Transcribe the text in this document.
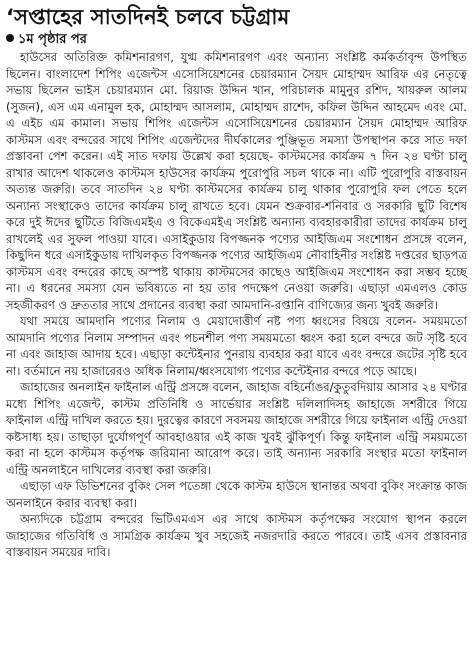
‘সপ্তাহের সাতদিনই চলবে চট্টগ্রাম
১ম পৃষ্ঠার পর

হাউসের অতিরিক্ত কমিশনারগণ, যুগ্ম কমিশনারগণ এবং অন্যান্য সংশ্লিষ্ট কর্মকর্তাবৃন্দ উপস্থিত ছিলেন। বাংলাদেশ শিপিং এজেন্টস এসোসিয়েশনের চেয়ারম্যান সৈয়দ মোহাম্মদ আরিফ এর নেতৃত্বে সভায় ছিলেন ভাইস চেয়ারম্যান মো. রিয়াজ উদ্দিন খান, পরিচালক মামুনুর রশিদ, খায়রুল আলম (সুজন), এস এম এনামুল হক, মোহাম্মদ আসলাম, মোহাম্মদ রাশেদ, কফিল উদ্দিন আহমেদ এবং মো. এ এইচ এম কামাল। সভায় শিপিং এজেন্টস এসোসিয়েশনের চেয়ারম্যান সৈয়দ মোহাম্মদ আরিফ কাস্টমস এবং বন্দরের সাথে শিপিং এজেন্টদের দীর্ঘকালের পুঞ্জিভূত সমস্যা উপস্থাপন করে সাত দফা প্রস্তাবনা পেশ করেন। এই সাত দফায় উল্লেখ করা হয়েছে- কাস্টমসের কার্যক্রম ৭ দিন ২৪ ঘণ্টা চালু রাখার আদেশ থাকলেও কাস্টমস হাউসের কার্যক্রম পুরোপুরি সচল থাকে না। এটি পুরোপুরি বাস্তবায়ন অত্যন্ত জরুরি। তবে সাতদিন ২৪ ঘণ্টা কাস্টমসের কার্যক্রম চালু থাকার পুরোপুরি ফল পেতে হলে অন্যান্য সংস্থাকেও তাদের কার্যক্রম চালু রাখতে হবে। যেমন শুক্রবার-শনিবার ও সরকারি ছুটি বিশেষ করে দুই ঈদের ছুটিতে বিজিএমইএ ও বিকেএমইএ সংশ্লিষ্ট অন্যান্য ব্যবহারকারীরা তাদের কার্যক্রম চালু রাখলেই এর সুফল পাওয়া যাবে। এসাইকুডায় বিপজ্জনক পণ্যের আইজিএম সংশোধন প্রসঙ্গে বলেন, কিছুদিন ধরে এসাইকুডায় দাখিলকৃত বিপজ্জনক পণ্যের আইজিএম নৌবাহিনীর সংশ্লিষ্ট দপ্তরের ছাড়পত্র কাস্টমস এবং বন্দরের কাছে অস্পষ্ট থাকায় কাস্টমসের কাছেও আইজিএম সংশোধন করা সম্ভব হচ্ছে না। এ ধরনের সমস্যা যেন ভবিষ্যতে না হয় তার পদক্ষেপ নেওয়া জরুরি। এছাড়া এমএলও কোড সহজীকরণ ও দ্রুততার সাথে প্রদানের ব্যবস্থা করা আমদানি-রপ্তানি বাণিজ্যের জন্য খুবই জরুরি।

যথা সময়ে আমদানি পণ্যের নিলাম ও মেয়াদোত্তীর্ণ নষ্ট পণ্য ধ্বংসের বিষয়ে বলেন- সময়মতো আমদানি পণ্যের নিলাম সম্পাদন এবং পচনশীল পণ্য সময়মতো ধ্বংস করা হলে বন্দরে জট সৃষ্টি হবে না এবং জাহাজ আদায় হবে। এছাড়া কন্টেইনার পুনরায় ব্যবহার করা যাবে এবং বন্দরে জটের সৃষ্টি হবে না। বর্তমানে নয় হাজারেরও অধিক নিলাম/ধ্বংসযোগ্য পণ্যের কন্টেইনার বন্দরে পড়ে আছে।

জাহাজের অনলাইন ফাইনাল এন্ট্রি প্রসঙ্গে বলেন, জাহাজ বহির্নোঙর/কুতুবদিয়ায় আসার ২৪ ঘণ্টার মধ্যে শিপিং এজেন্ট, কাস্টম প্রতিনিধি ও সার্ভেয়ার সংশ্লিষ্ট দলিলাদিসহ জাহাজে সশরীরে গিয়ে ফাইনাল এন্ট্রি দাখিল করতে হয়। দুরত্বের কারণে সবসময় জাহাজে সশরীরে গিয়ে ফাইনাল এন্ট্রি দেওয়া কষ্টসাধ্য হয়। তাছাড়া দুর্যোগপূর্ণ আবহাওয়ার এই কাজ খুবই ঝুঁকিপূর্ণ। কিন্তু ফাইনাল এন্ট্রি সময়মতো করা না হলে কাস্টমস কর্তৃপক্ষ জরিমানা আরোপ করে। তাই অন্যান্য সরকারি সংস্থার মতো ফাইনাল এন্ট্রি অনলাইনে দাখিলের ব্যবস্থা করা জরুরি।

এছাড়া এফ ডিভিশনের বুকিং সেল পতেঙ্গা থেকে কাস্টম হাউসে স্থানান্তর অথবা বুকিং সংক্রান্ত কাজ অনলাইনে করার ব্যবস্থা করা।

অন্যদিকে চট্টগ্রাম বন্দরের ভিটিএমএস এর সাথে কাস্টমস কর্তৃপক্ষের সংযোগ স্থাপন করলে জাহাজের গতিবিধি ও সামগ্রিক কার্যক্রম খুব সহজেই নজরদারি করতে পারবে। তাই এসব প্রস্তাবনার বাস্তবায়ন সময়ের দাবি।
